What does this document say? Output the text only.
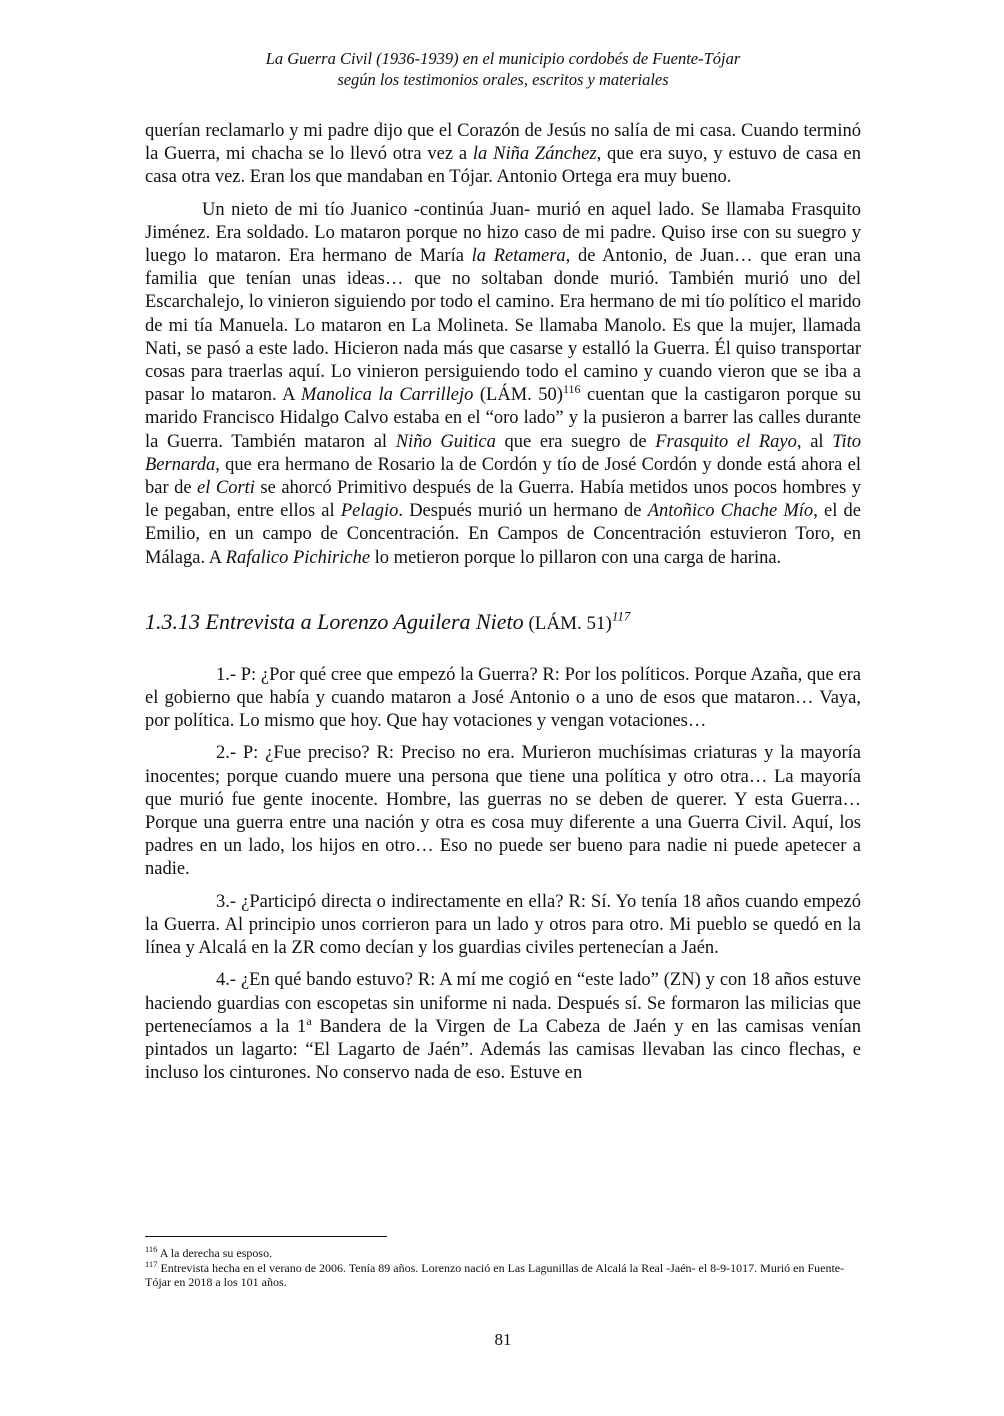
La Guerra Civil (1936-1939) en el municipio cordobés de Fuente-Tójar
según los testimonios orales, escritos y materiales

querían reclamarlo y mi padre dijo que el Corazón de Jesús no salía de mi casa. Cuando terminó la Guerra, mi chacha se lo llevó otra vez a la Niña Zánchez, que era suyo, y estuvo de casa en casa otra vez. Eran los que mandaban en Tójar. Antonio Ortega era muy bueno.

Un nieto de mi tío Juanico -continúa Juan- murió en aquel lado. Se llamaba Frasquito Jiménez. Era soldado. Lo mataron porque no hizo caso de mi padre. Quiso irse con su suegro y luego lo mataron. Era hermano de María la Retamera, de Antonio, de Juan… que eran una familia que tenían unas ideas… que no soltaban donde murió. También murió uno del Escarchalejo, lo vinieron siguiendo por todo el camino. Era hermano de mi tío político el marido de mi tía Manuela. Lo mataron en La Molineta. Se llamaba Manolo. Es que la mujer, llamada Nati, se pasó a este lado. Hicieron nada más que casarse y estalló la Guerra. Él quiso transportar cosas para traerlas aquí. Lo vinieron persiguiendo todo el camino y cuando vieron que se iba a pasar lo mataron. A Manolica la Carrillejo (LÁM. 50)$^{116}$ cuentan que la castigaron porque su marido Francisco Hidalgo Calvo estaba en el “oro lado” y la pusieron a barrer las calles durante la Guerra. También mataron al Niño Guitica que era suegro de Frasquito el Rayo, al Tito Bernarda, que era hermano de Rosario la de Cordón y tío de José Cordón y donde está ahora el bar de el Corti se ahorcó Primitivo después de la Guerra. Había metidos unos pocos hombres y le pegaban, entre ellos al Pelagio. Después murió un hermano de Antoñico Chache Mío, el de Emilio, en un campo de Concentración. En Campos de Concentración estuvieron Toro, en Málaga. A Rafalico Pichiriche lo metieron porque lo pillaron con una carga de harina.

1.3.13 Entrevista a Lorenzo Aguilera Nieto (LÁM. 51)$^{117}$

1.- P: ¿Por qué cree que empezó la Guerra? R: Por los políticos. Porque Azaña, que era el gobierno que había y cuando mataron a José Antonio o a uno de esos que mataron… Vaya, por política. Lo mismo que hoy. Que hay votaciones y vengan votaciones…

2.- P: ¿Fue preciso? R: Preciso no era. Murieron muchísimas criaturas y la mayoría inocentes; porque cuando muere una persona que tiene una política y otro otra… La mayoría que murió fue gente inocente. Hombre, las guerras no se deben de querer. Y esta Guerra… Porque una guerra entre una nación y otra es cosa muy diferente a una Guerra Civil. Aquí, los padres en un lado, los hijos en otro… Eso no puede ser bueno para nadie ni puede apetecer a nadie.

3.- ¿Participó directa o indirectamente en ella? R: Sí. Yo tenía 18 años cuando empezó la Guerra. Al principio unos corrieron para un lado y otros para otro. Mi pueblo se quedó en la línea y Alcalá en la ZR como decían y los guardias civiles pertenecían a Jaén.

4.- ¿En qué bando estuvo? R: A mí me cogió en “este lado” (ZN) y con 18 años estuve haciendo guardias con escopetas sin uniforme ni nada. Después sí. Se formaron las milicias que pertenecíamos a la 1$^a$ Bandera de la Virgen de La Cabeza de Jaén y en las camisas venían pintados un lagarto: “El Lagarto de Jaén”. Además las camisas llevaban las cinco flechas, e incluso los cinturones. No conservo nada de eso. Estuve en

$^{116}$ A la derecha su esposo.

$^{117}$ Entrevista hecha en el verano de 2006. Tenía 89 años. Lorenzo nació en Las Lagunillas de Alcalá la Real -Jaén- el 8-9-1017. Murió en Fuente-Tójar en 2018 a los 101 años.

81
